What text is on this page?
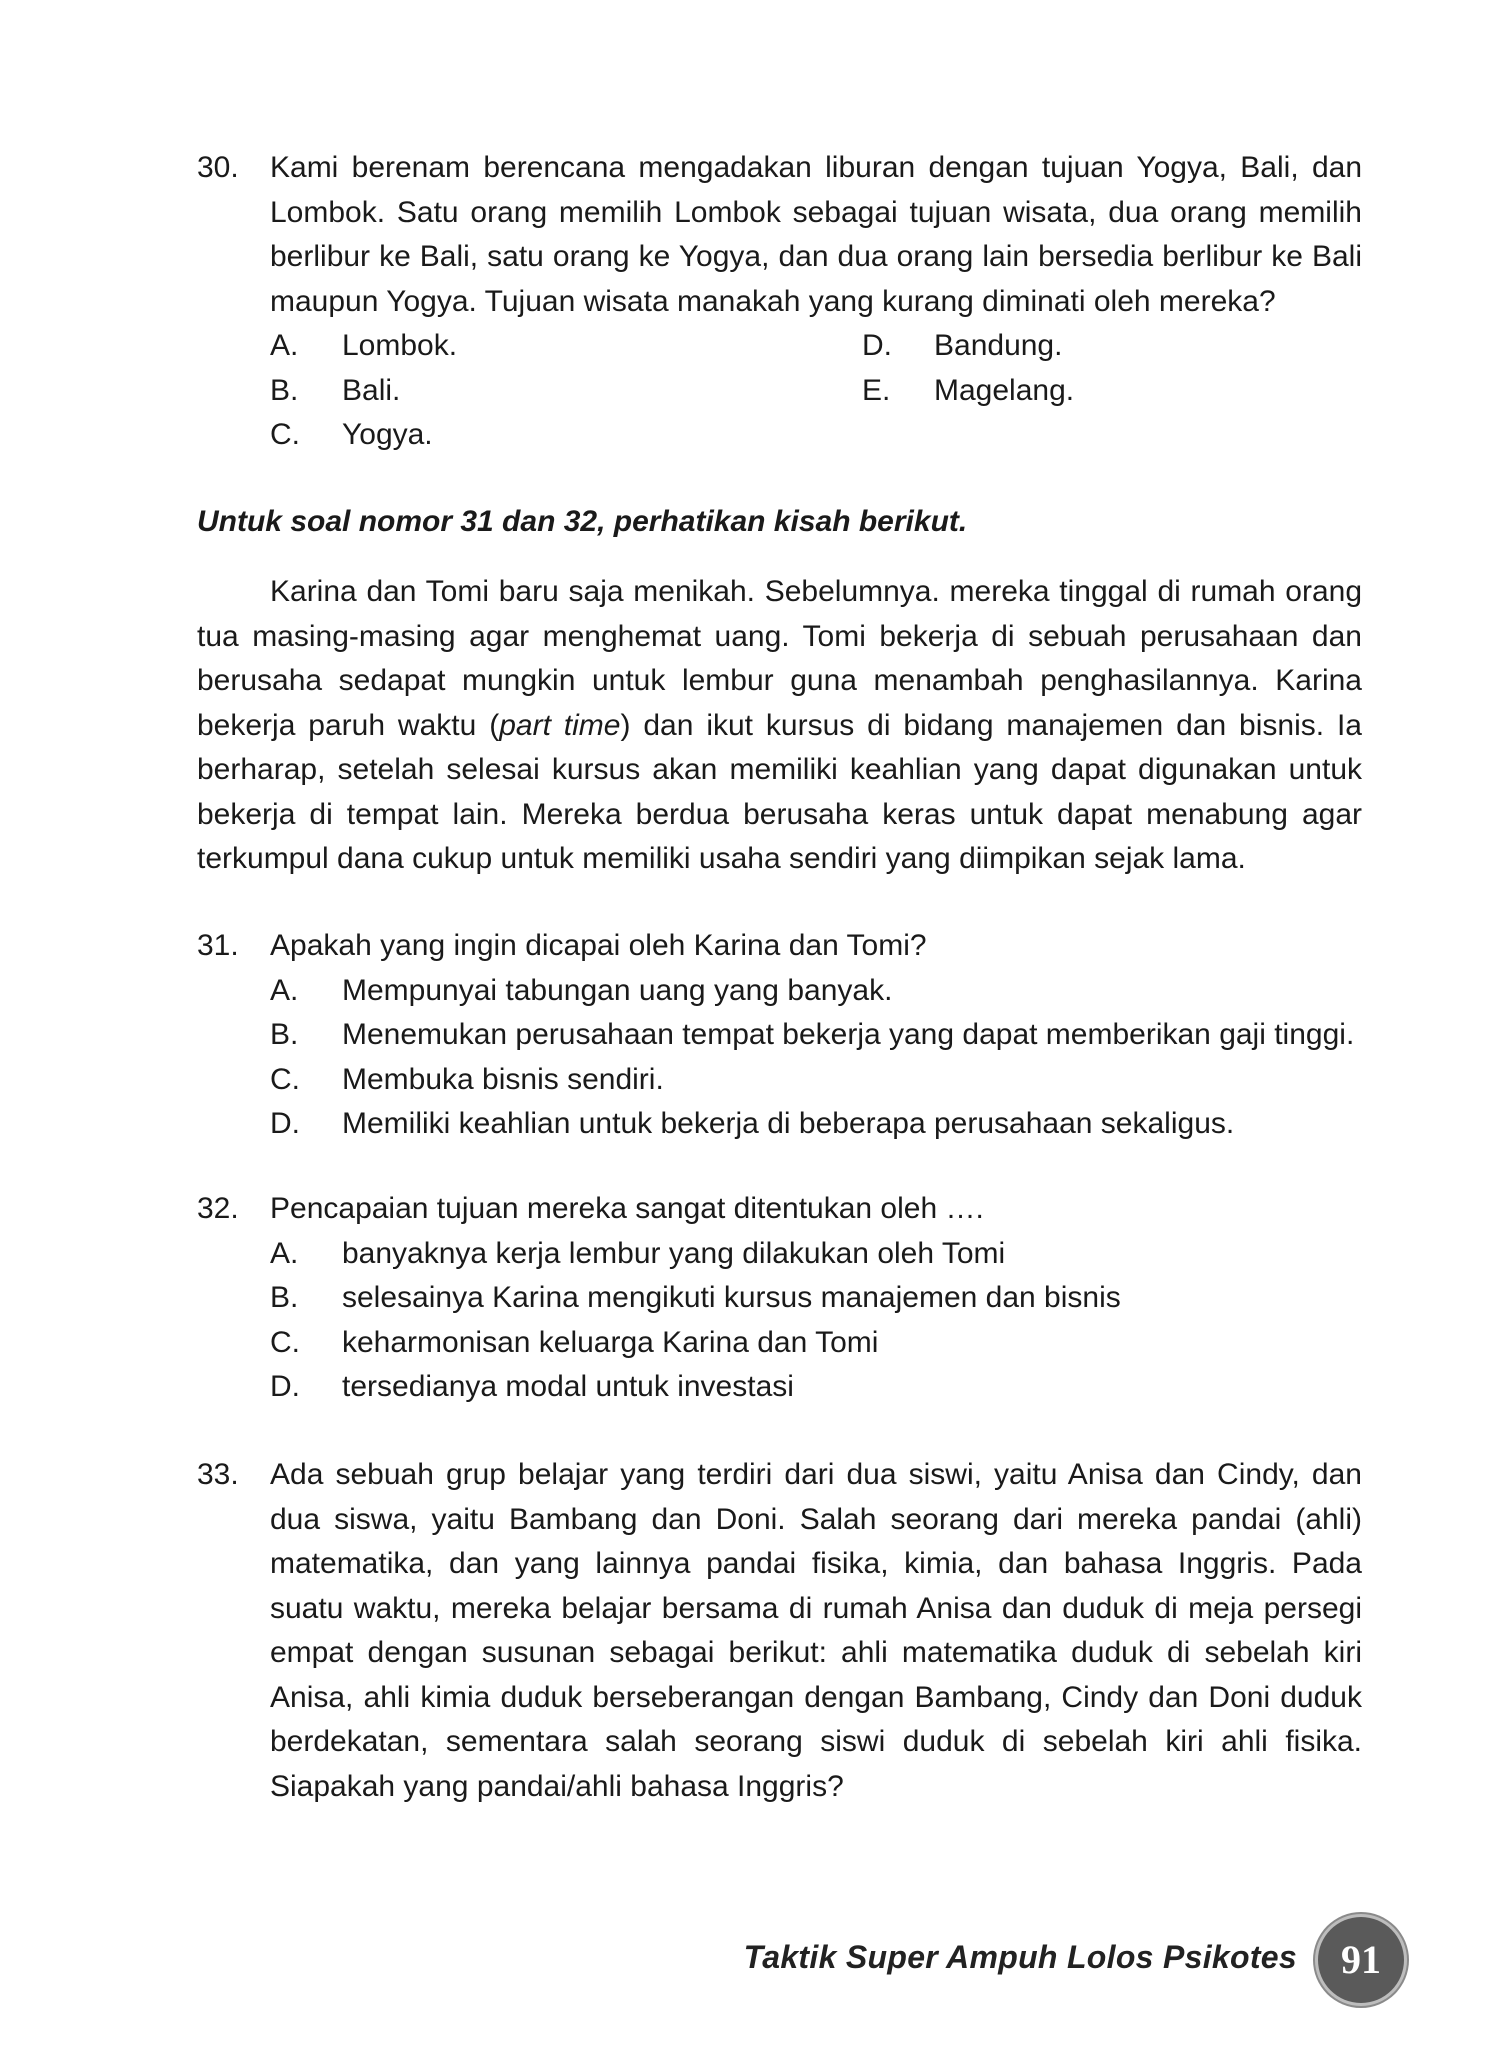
30.	Kami berenam berencana mengadakan liburan dengan tujuan Yogya, Bali, dan Lombok. Satu orang memilih Lombok sebagai tujuan wisata, dua orang memilih berlibur ke Bali, satu orang ke Yogya, dan dua orang lain bersedia berlibur ke Bali maupun Yogya. Tujuan wisata manakah yang kurang diminati oleh mereka?
A. Lombok.
B. Bali.
C. Yogya.
D. Bandung.
E. Magelang.
Untuk soal nomor 31 dan 32, perhatikan kisah berikut.

Karina dan Tomi baru saja menikah. Sebelumnya. mereka tinggal di rumah orang tua masing-masing agar menghemat uang. Tomi bekerja di sebuah perusahaan dan berusaha sedapat mungkin untuk lembur guna menambah penghasilannya. Karina bekerja paruh waktu (part time) dan ikut kursus di bidang manajemen dan bisnis. Ia berharap, setelah selesai kursus akan memiliki keahlian yang dapat digunakan untuk bekerja di tempat lain. Mereka berdua berusaha keras untuk dapat menabung agar terkumpul dana cukup untuk memiliki usaha sendiri yang diimpikan sejak lama.

31.	Apakah yang ingin dicapai oleh Karina dan Tomi?
A. Mempunyai tabungan uang yang banyak.
B. Menemukan perusahaan tempat bekerja yang dapat memberikan gaji tinggi.
C. Membuka bisnis sendiri.
D. Memiliki keahlian untuk bekerja di beberapa perusahaan sekaligus.
32.	Pencapaian tujuan mereka sangat ditentukan oleh ….
A. banyaknya kerja lembur yang dilakukan oleh Tomi
B. selesainya Karina mengikuti kursus manajemen dan bisnis
C. keharmonisan keluarga Karina dan Tomi
D. tersedianya modal untuk investasi
33.	Ada sebuah grup belajar yang terdiri dari dua siswi, yaitu Anisa dan Cindy, dan dua siswa, yaitu Bambang dan Doni. Salah seorang dari mereka pandai (ahli) matematika, dan yang lainnya pandai fisika, kimia, dan bahasa Inggris. Pada suatu waktu, mereka belajar bersama di rumah Anisa dan duduk di meja persegi empat dengan susunan sebagai berikut: ahli matematika duduk di sebelah kiri Anisa, ahli kimia duduk berseberangan dengan Bambang, Cindy dan Doni duduk berdekatan, sementara salah seorang siswi duduk di sebelah kiri ahli fisika. Siapakah yang pandai/ahli bahasa Inggris?
Taktik Super Ampuh Lolos Psikotes	91
